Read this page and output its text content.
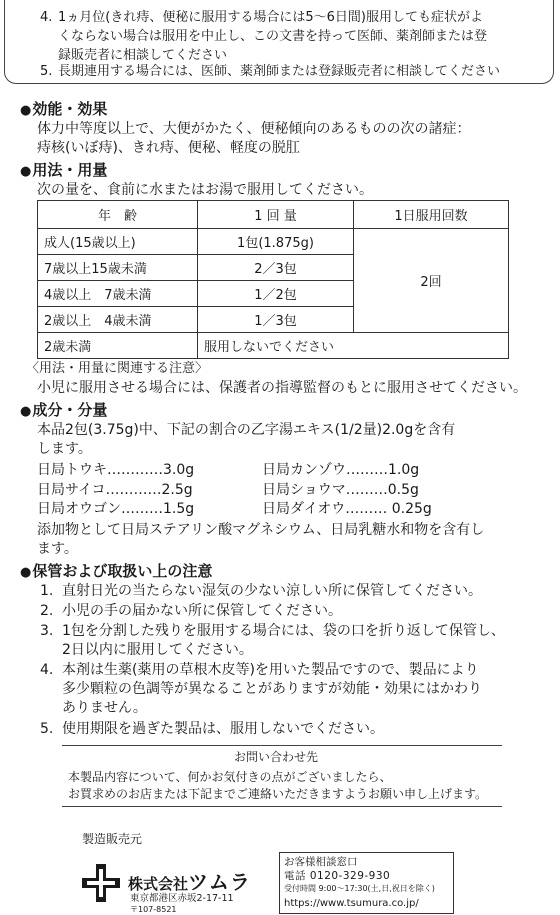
4. 1ヵ月位(きれ痔、便秘に服用する場合には5～6日間)服用しても症状がよ
くならない場合は服用を中止し、この文書を持って医師、薬剤師または登
録販売者に相談してください
5. 長期連用する場合には、医師、薬剤師または登録販売者に相談してください
●効能・効果
体力中等度以上で、大便がかたく、便秘傾向のあるものの次の諸症：
痔核(いぼ痔)、きれ痔、便秘、軽度の脱肛
●用法・用量
次の量を、食前に水またはお湯で服用してください。
年　齢	1 回 量	1日服用回数
成人(15歳以上)	1包(1.875g)	2回
7歳以上15歳未満	2／3包	
4歳以上　7歳未満	1／2包	
2歳以上　4歳未満	1／3包	
2歳未満	服用しないでください	
〈用法・用量に関連する注意〉
小児に服用させる場合には、保護者の指導監督のもとに服用させてください。
●成分・分量
本品2包(3.75g)中、下記の割合の乙字湯エキス(1/2量)2.0gを含有
します。
日局トウキ…………3.0g	日局カンゾウ………1.0g
日局サイコ…………2.5g	日局ショウマ………0.5g
日局オウゴン………1.5g	日局ダイオウ……… 0.25g
添加物として日局ステアリン酸マグネシウム、日局乳糖水和物を含有し
ます。
●保管および取扱い上の注意
1. 直射日光の当たらない湿気の少ない涼しい所に保管してください。
2. 小児の手の届かない所に保管してください。
3. 1包を分割した残りを服用する場合には、袋の口を折り返して保管し、
2日以内に服用してください。
4. 本剤は生薬(薬用の草根木皮等)を用いた製品ですので、製品により
多少顆粒の色調等が異なることがありますが効能・効果にはかわり
ありません。
5. 使用期限を過ぎた製品は、服用しないでください。
お問い合わせ先
本製品内容について、何かお気付きの点がございましたら、
お買求めのお店または下記までご連絡いただきますようお願い申し上げます。
製造販売元
株式会社ツムラ
東京都港区赤坂2-17-11
〒107-8521
お客様相談窓口
電話 0120-329-930
受付時間 9:00～17:30(土,日,祝日を除く)
https://www.tsumura.co.jp/
